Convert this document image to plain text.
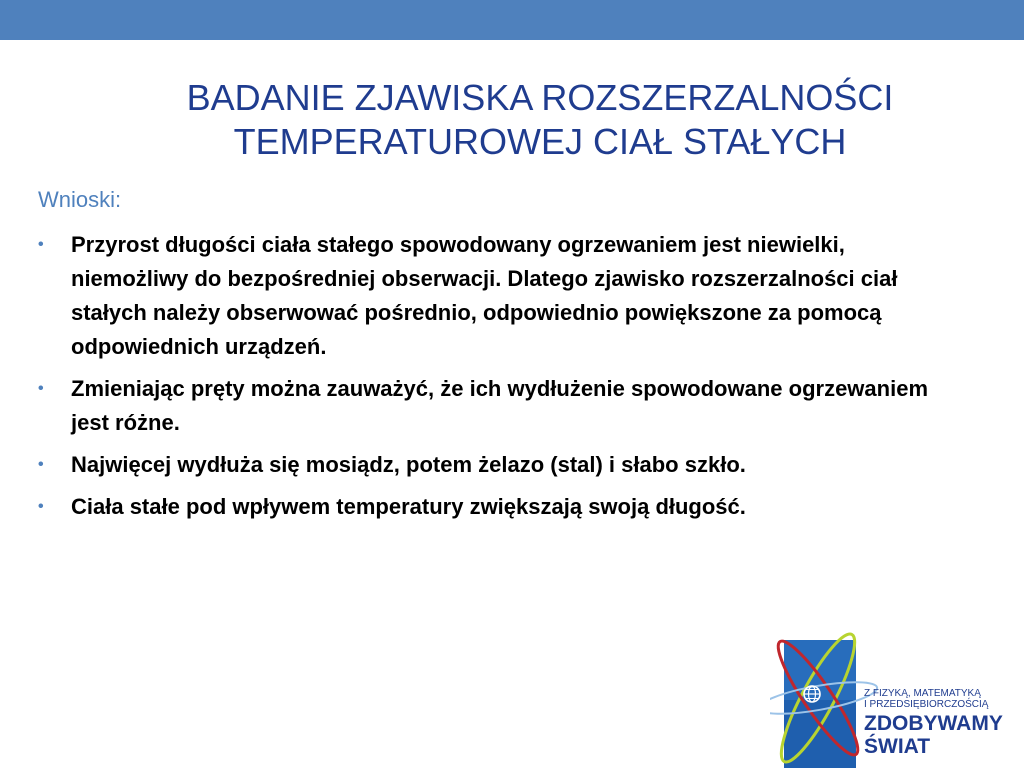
BADANIE ZJAWISKA ROZSZERZALNOŚCI
TEMPERATUROWEJ CIAŁ STAŁYCH

Wnioski:

• Przyrost długości ciała stałego spowodowany ogrzewaniem jest niewielki, niemożliwy do bezpośredniej obserwacji. Dlatego zjawisko rozszerzalności ciał stałych należy obserwować pośrednio, odpowiednio powiększone za pomocą odpowiednich urządzeń.
• Zmieniając pręty można zauważyć, że ich wydłużenie spowodowane ogrzewaniem jest różne.
• Najwięcej wydłuża się mosiądz, potem żelazo (stal) i słabo szkło.
• Ciała stałe pod wpływem temperatury zwiększają swoją długość.
Z FIZYKĄ, MATEMATYKĄ
I PRZEDSIĘBIORCZOŚCIĄ
ZDOBYWAMY
ŚWIAT
